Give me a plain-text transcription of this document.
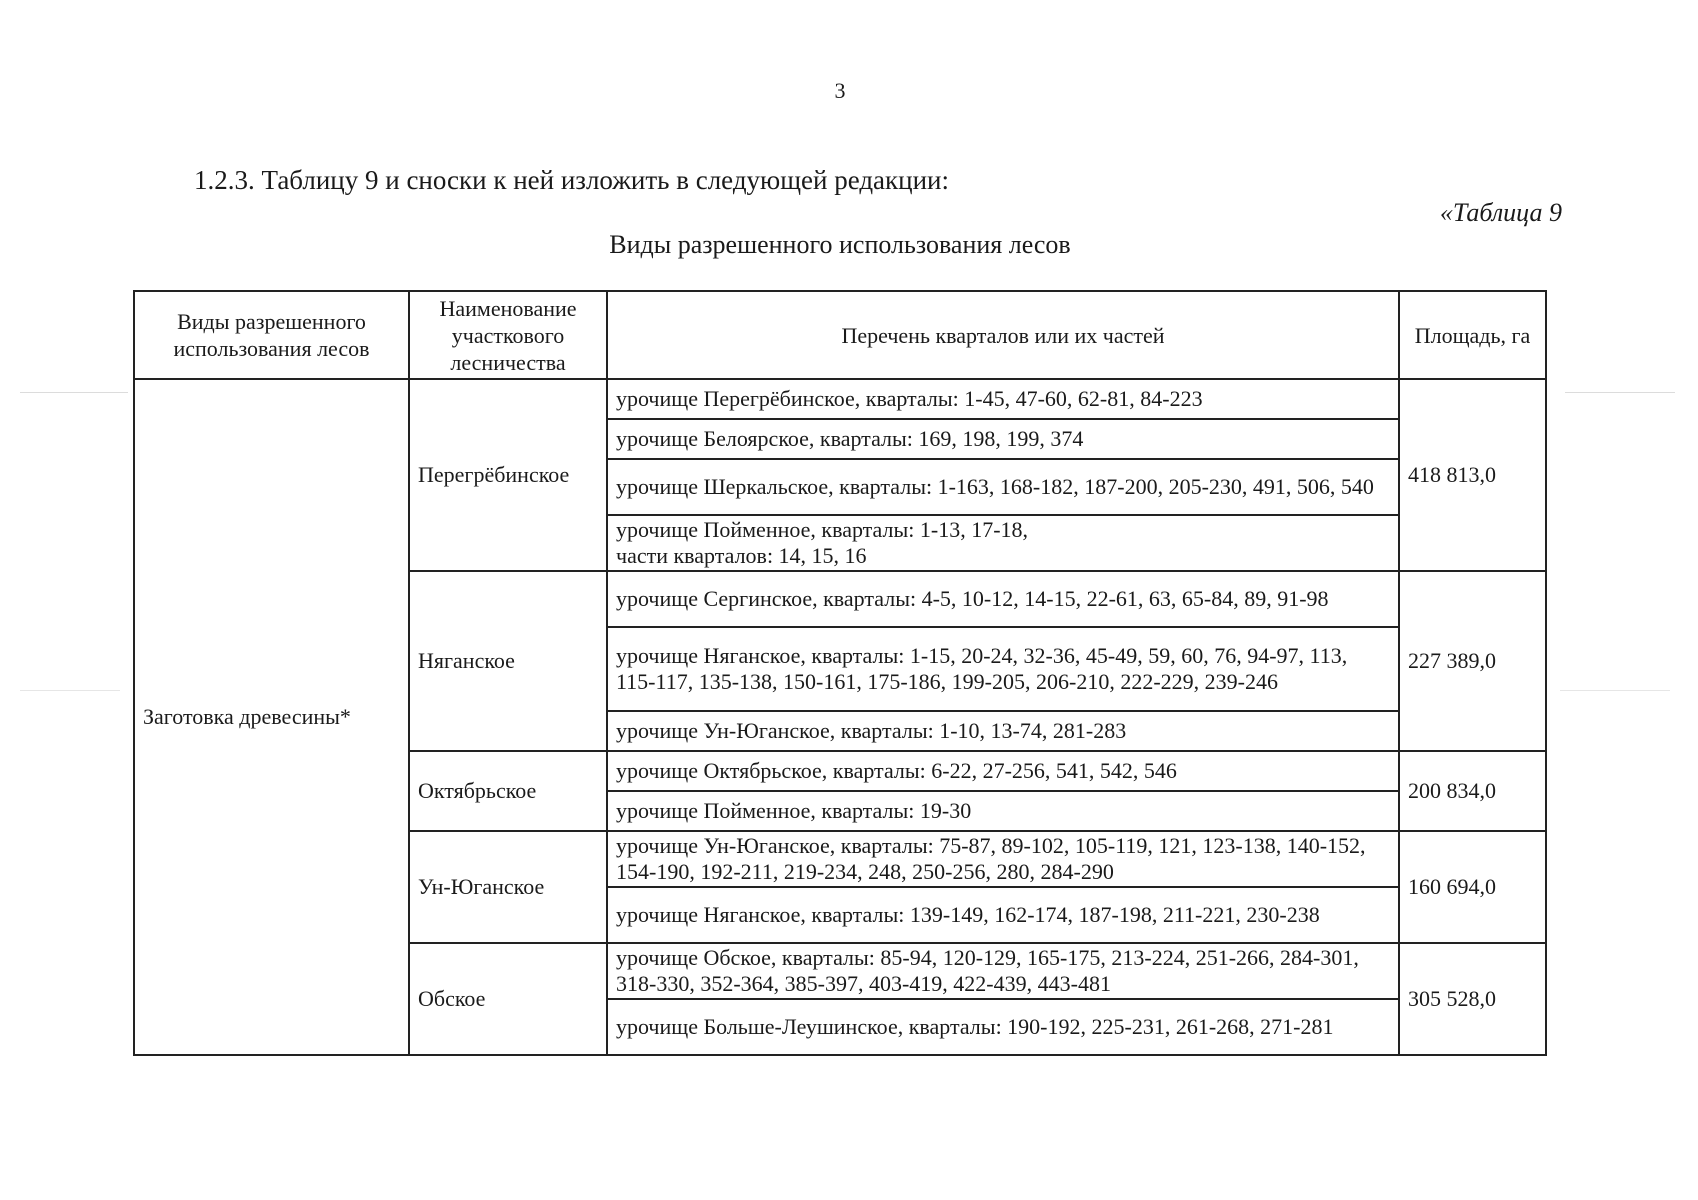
3
1.2.3. Таблицу 9 и сноски к ней изложить в следующей редакции:
«Таблица 9
Виды разрешенного использования лесов
Виды разрешенного использования лесов	Наименование участкового лесничества	Перечень кварталов или их частей	Площадь, га
Заготовка древесины*	Перегрёбинское	урочище Перегрёбинское, кварталы: 1-45, 47-60, 62-81, 84-223	418 813,0
		урочище Белоярское, кварталы: 169, 198, 199, 374	
		урочище Шеркальское, кварталы: 1-163, 168-182, 187-200, 205-230, 491, 506, 540	

		урочище Пойменное, кварталы: 1-13, 17-18,
части кварталов: 14, 15, 16	

	Няганское	урочище Сергинское, кварталы: 4-5, 10-12, 14-15, 22-61, 63, 65-84, 89, 91-98	227 389,0
		урочище Няганское, кварталы: 1-15, 20-24, 32-36, 45-49, 59, 60, 76, 94-97, 113, 115-117, 135-138, 150-161, 175-186, 199-205, 206-210, 222-229, 239-246	
		урочище Ун-Юганское, кварталы: 1-10, 13-74, 281-283	
	Октябрьское	урочище Октябрьское, кварталы: 6-22, 27-256, 541, 542, 546	200 834,0
		урочище Пойменное, кварталы: 19-30	
	Ун-Юганское	урочище Ун-Юганское, кварталы: 75-87, 89-102, 105-119, 121, 123-138, 140-152, 154-190, 192-211, 219-234, 248, 250-256, 280, 284-290	160 694,0
		урочище Няганское, кварталы: 139-149, 162-174, 187-198, 211-221, 230-238	
	Обское	урочище Обское, кварталы: 85-94, 120-129, 165-175, 213-224, 251-266, 284-301, 318-330, 352-364, 385-397, 403-419, 422-439, 443-481	305 528,0
		урочище Больше-Леушинское, кварталы: 190-192, 225-231, 261-268, 271-281	
